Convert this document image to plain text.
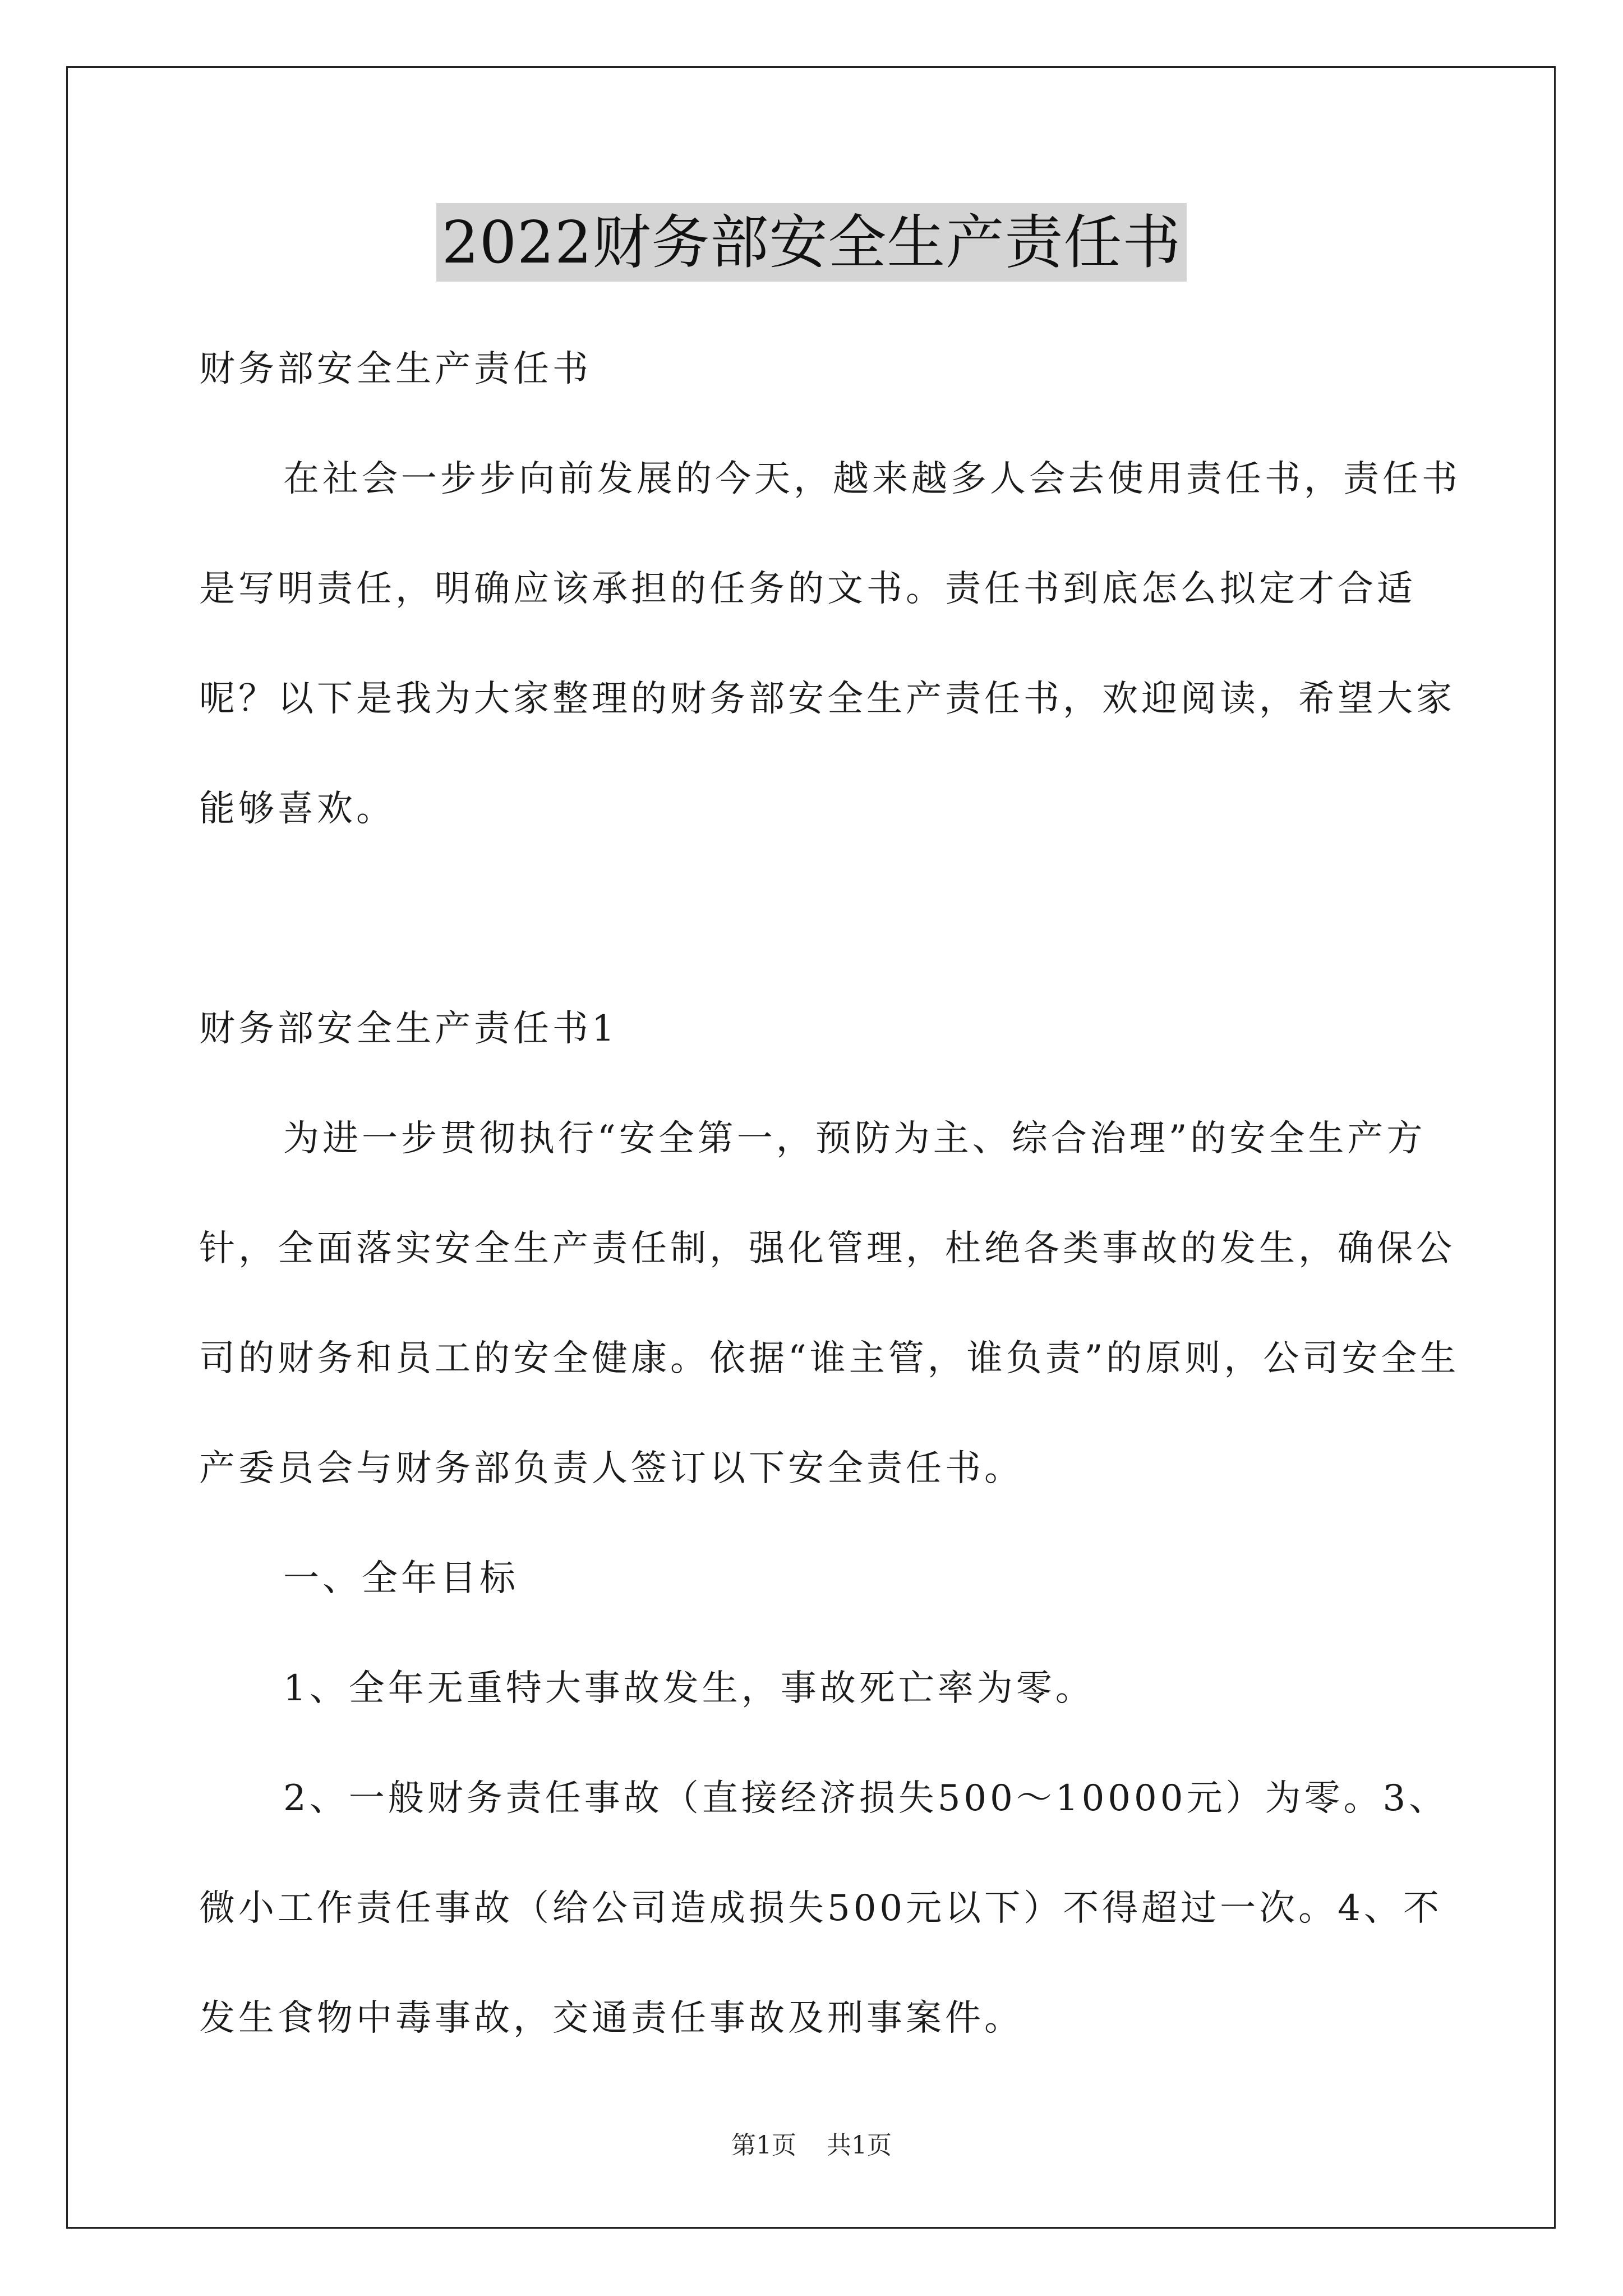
2022财务部安全生产责任书

财务部安全生产责任书

在社会一步步向前发展的今天，越来越多人会去使用责任书，责任书是写明责任，明确应该承担的任务的文书。责任书到底怎么拟定才合适呢？以下是我为大家整理的财务部安全生产责任书，欢迎阅读，希望大家能够喜欢。

财务部安全生产责任书1

为进一步贯彻执行“安全第一，预防为主、综合治理”的安全生产方针，全面落实安全生产责任制，强化管理，杜绝各类事故的发生，确保公司的财务和员工的安全健康。依据“谁主管，谁负责”的原则，公司安全生产委员会与财务部负责人签订以下安全责任书。

一、全年目标

1、全年无重特大事故发生，事故死亡率为零。

2、一般财务责任事故（直接经济损失500～10000元）为零。3、微小工作责任事故（给公司造成损失500元以下）不得超过一次。4、不发生食物中毒事故，交通责任事故及刑事案件。

第1页 共1页
